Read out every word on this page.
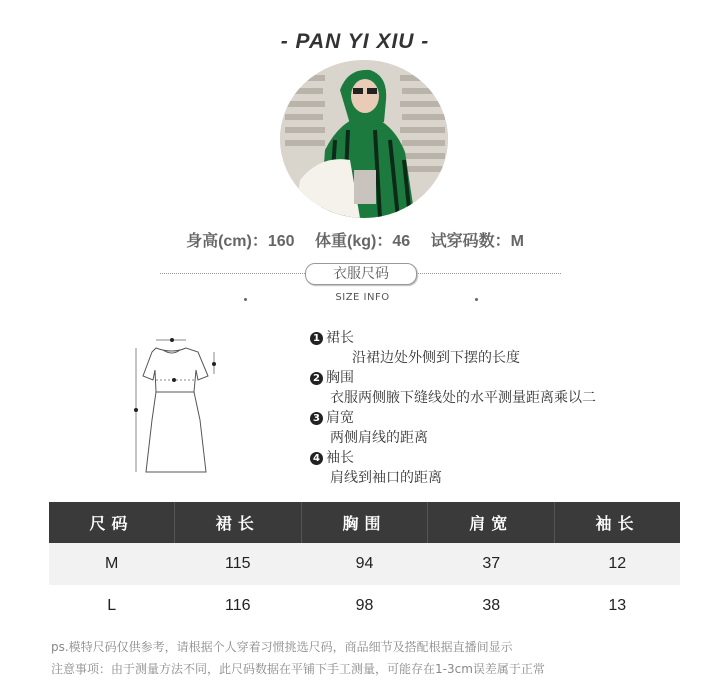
- PAN YI XIU -
身高(cm)：160 体重(kg)：46 试穿码数：M
衣服尺码
SIZE INFO
1 裙长
沿裙边处外侧到下摆的长度
2 胸围
衣服两侧腋下缝线处的水平测量距离乘以二
3 肩宽
两侧肩线的距离
4 袖长
肩线到袖口的距离
尺码	裙长	胸围	肩宽	袖长
M	115	94	37	12
L	116	98	38	13
ps.模特尺码仅供参考，请根据个人穿着习惯挑选尺码，商品细节及搭配根据直播间显示
注意事项：由于测量方法不同，此尺码数据在平铺下手工测量，可能存在1-3cm误差属于正常
